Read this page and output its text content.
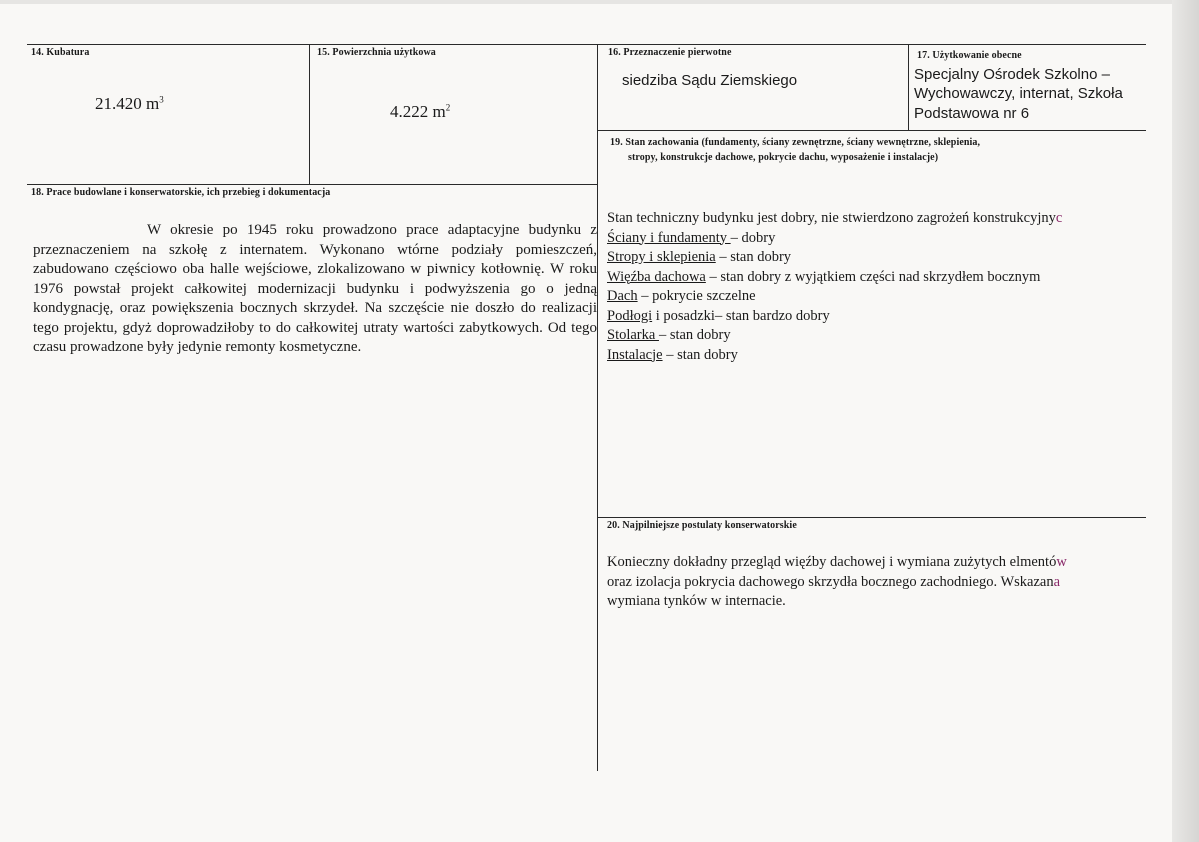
14. Kubatura
21.420 $m^3$
15. Powierzchnia użytkowa
4.222 $m^2$
16. Przeznaczenie pierwotne
siedziba Sądu Ziemskiego
17. Użytkowanie obecne
Specjalny Ośrodek Szkolno –
Wychowawczy, internat, Szkoła
Podstawowa nr 6
18. Prace budowlane i konserwatorskie, ich przebieg i dokumentacja
W okresie po 1945 roku prowadzono prace adaptacyjne budynku z przeznaczeniem na szkołę z internatem. Wykonano wtórne podziały pomieszczeń, zabudowano częściowo oba halle wejściowe, zlokalizowano w piwnicy kotłownię. W roku 1976 powstał projekt całkowitej modernizacji budynku i podwyższenia go o jedną kondygnację, oraz powiększenia bocznych skrzydeł. Na szczęście nie doszło do realizacji tego projektu, gdyż doprowadziłoby to do całkowitej utraty wartości zabytkowych. Od tego czasu prowadzone były jedynie remonty kosmetyczne.
19. Stan zachowania (fundamenty, ściany zewnętrzne, ściany wewnętrzne, sklepienia,
stropy, konstrukcje dachowe, pokrycie dachu, wyposażenie i instalacje)
Stan techniczny budynku jest dobry, nie stwierdzono zagrożeń konstrukcyjnyc
Ściany i fundamenty – dobry
Stropy i sklepienia – stan dobry
Więźba dachowa – stan dobry z wyjątkiem części nad skrzydłem bocznym
Dach – pokrycie szczelne
Podłogi i posadzki– stan bardzo dobry
Stolarka – stan dobry
Instalacje – stan dobry
20. Najpilniejsze postulaty konserwatorskie
Konieczny dokładny przegląd więźby dachowej i wymiana zużytych elmentów
oraz izolacja pokrycia dachowego skrzydła bocznego zachodniego. Wskazana
wymiana tynków w internacie.
